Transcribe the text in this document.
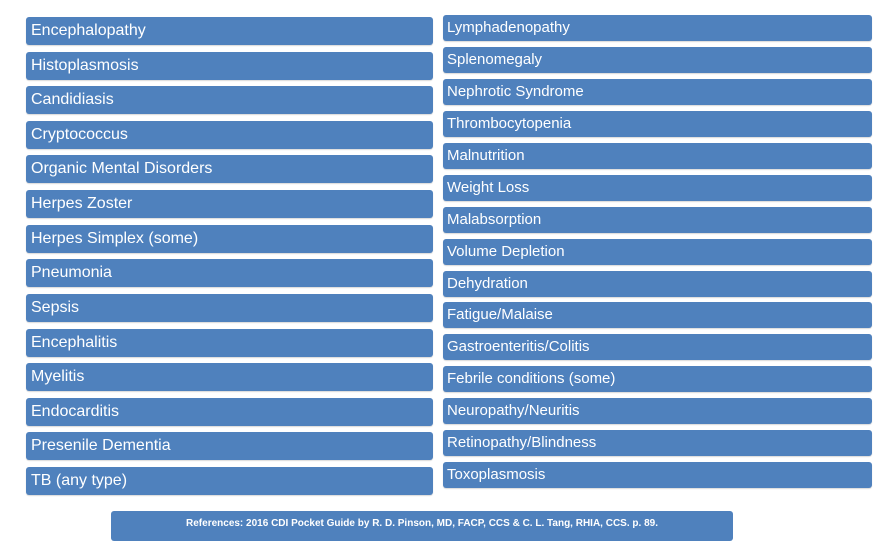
Encephalopathy
Histoplasmosis
Candidiasis
Cryptococcus
Organic Mental Disorders
Herpes Zoster
Herpes Simplex (some)
Pneumonia
Sepsis
Encephalitis
Myelitis
Endocarditis
Presenile Dementia
TB (any type)
Lymphadenopathy
Splenomegaly
Nephrotic Syndrome
Thrombocytopenia
Malnutrition
Weight Loss
Malabsorption
Volume Depletion
Dehydration
Fatigue/Malaise
Gastroenteritis/Colitis
Febrile conditions (some)
Neuropathy/Neuritis
Retinopathy/Blindness
Toxoplasmosis
References: 2016 CDI Pocket Guide by R. D. Pinson, MD, FACP, CCS & C. L. Tang, RHIA, CCS. p. 89.
